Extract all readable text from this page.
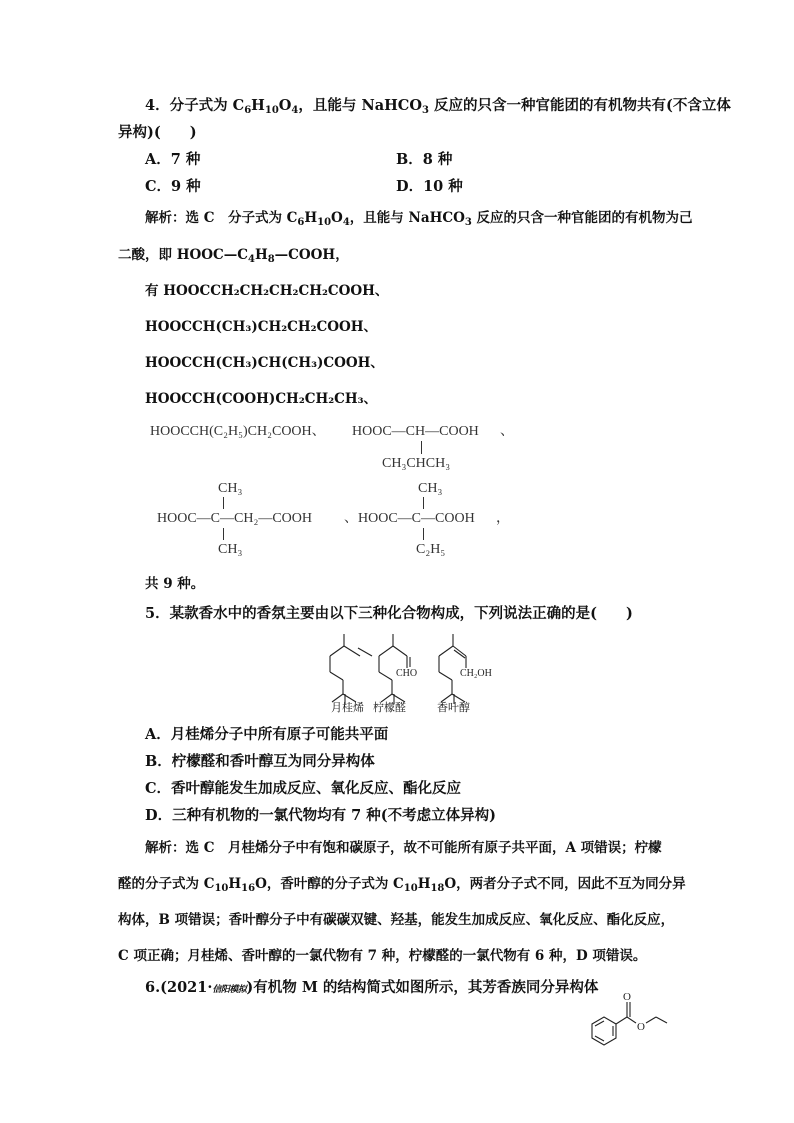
4．分子式为 $C_6H_{10}O_4$，且能与 NaHCO$_3$ 反应的只含一种官能团的有机物共有(不含立体
异构)(　　)
A．7 种	B．8 种
C．9 种	D．10 种
解析：选 C　分子式为 $C_6H_{10}O_4$，且能与 NaHCO$_3$ 反应的只含一种官能团的有机物为己
二酸，即 $HOOC—C_4H_8—COOH$，
有 HOOCCH₂CH₂CH₂CH₂COOH、
HOOCCH(CH₃)CH₂CH₂COOH、
HOOCCH(CH₃)CH(CH₃)COOH、
HOOCCH(COOH)CH₂CH₂CH₃、
HOOCCH(C₂H₅)CH₂COOH、 HOOC—CH—COOH 、
CH₃CHCH₃
CH₃
HOOC—C—CH₂—COOH
CH₃
、
CH₃
HOOC—C—COOH
C₂H₅
，
共 9 种。
5．某款香水中的香氛主要由以下三种化合物构成，下列说法正确的是(　　)
CHO	CH₂OH
月桂烯 柠檬醛	香叶醇
A．月桂烯分子中所有原子可能共平面
B．柠檬醛和香叶醇互为同分异构体
C．香叶醇能发生加成反应、氧化反应、酯化反应
D．三种有机物的一氯代物均有 7 种(不考虑立体异构)
解析：选 C　月桂烯分子中有饱和碳原子，故不可能所有原子共平面，A 项错误；柠檬
醛的分子式为 $C_{10}H_{16}O$，香叶醇的分子式为 $C_{10}H_{18}O$，两者分子式不同，因此不互为同分异
构体，B 项错误；香叶醇分子中有碳碳双键、羟基，能发生加成反应、氧化反应、酯化反应，
C 项正确；月桂烯、香叶醇的一氯代物有 7 种，柠檬醛的一氯代物有 6 种，D 项错误。
6.(2021·信阳模拟)有机物 M 的结构简式如图所示，其芳香族同分异构体
O
O
